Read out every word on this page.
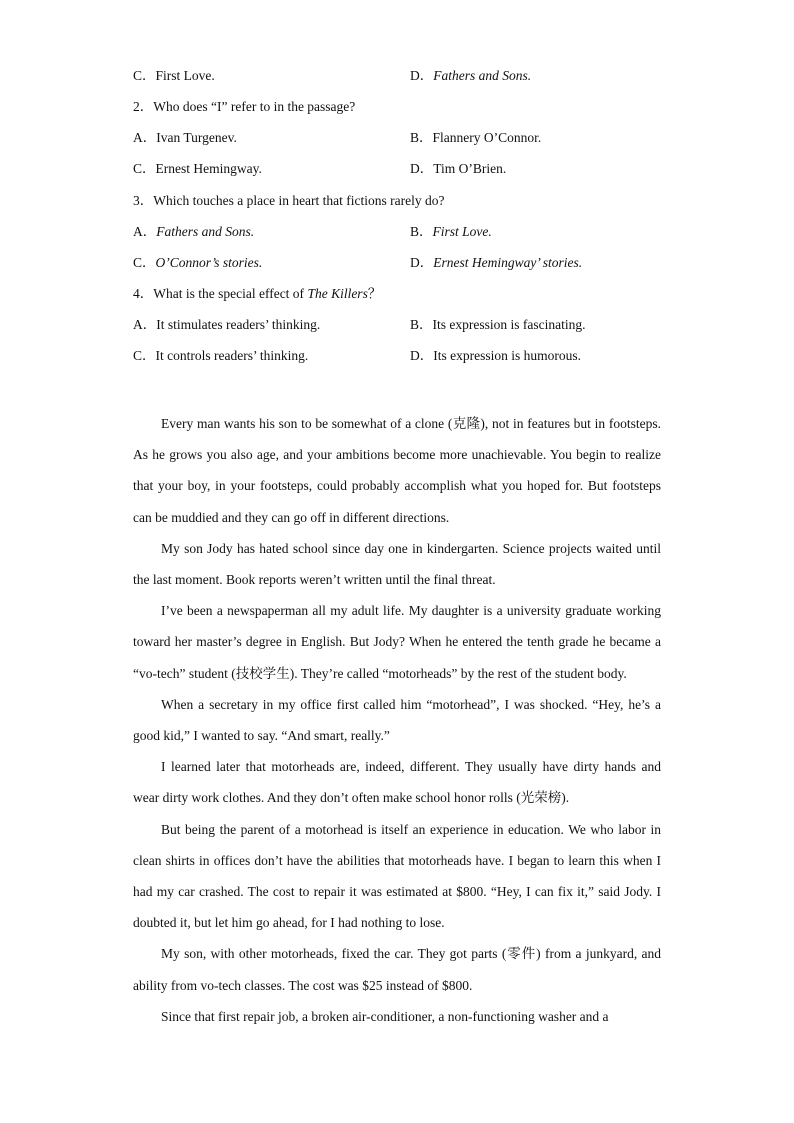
C．First Love.	D．Fathers and Sons.
2．Who does “I” refer to in the passage?
A．Ivan Turgenev.	B．Flannery O’Connor.
C．Ernest Hemingway.	D．Tim O’Brien.
3．Which touches a place in heart that fictions rarely do?
A．Fathers and Sons.	B．First Love.
C．O’Connor’s stories.	D．Ernest Hemingway’ stories.
4．What is the special effect of The Killers？
A．It stimulates readers’ thinking.	B．Its expression is fascinating.
C．It controls readers’ thinking.	D．Its expression is humorous.

Every man wants his son to be somewhat of a clone (克隆), not in features but in footsteps. As he grows you also age, and your ambitions become more unachievable. You begin to realize that your boy, in your footsteps, could probably accomplish what you hoped for. But footsteps can be muddied and they can go off in different directions.

My son Jody has hated school since day one in kindergarten. Science projects waited until the last moment. Book reports weren’t written until the final threat.

I’ve been a newspaperman all my adult life. My daughter is a university graduate working toward her master’s degree in English. But Jody? When he entered the tenth grade he became a “vo-tech” student (技校学生). They’re called “motorheads” by the rest of the student body.

When a secretary in my office first called him “motorhead”, I was shocked. “Hey, he’s a good kid,” I wanted to say. “And smart, really.”

I learned later that motorheads are, indeed, different. They usually have dirty hands and wear dirty work clothes. And they don’t often make school honor rolls (光荣榜).

But being the parent of a motorhead is itself an experience in education. We who labor in clean shirts in offices don’t have the abilities that motorheads have. I began to learn this when I had my car crashed. The cost to repair it was estimated at $800. “Hey, I can fix it,” said Jody. I doubted it, but let him go ahead, for I had nothing to lose.

My son, with other motorheads, fixed the car. They got parts (零件) from a junkyard, and ability from vo-tech classes. The cost was $25 instead of $800.

Since that first repair job, a broken air-conditioner, a non-functioning washer and a
